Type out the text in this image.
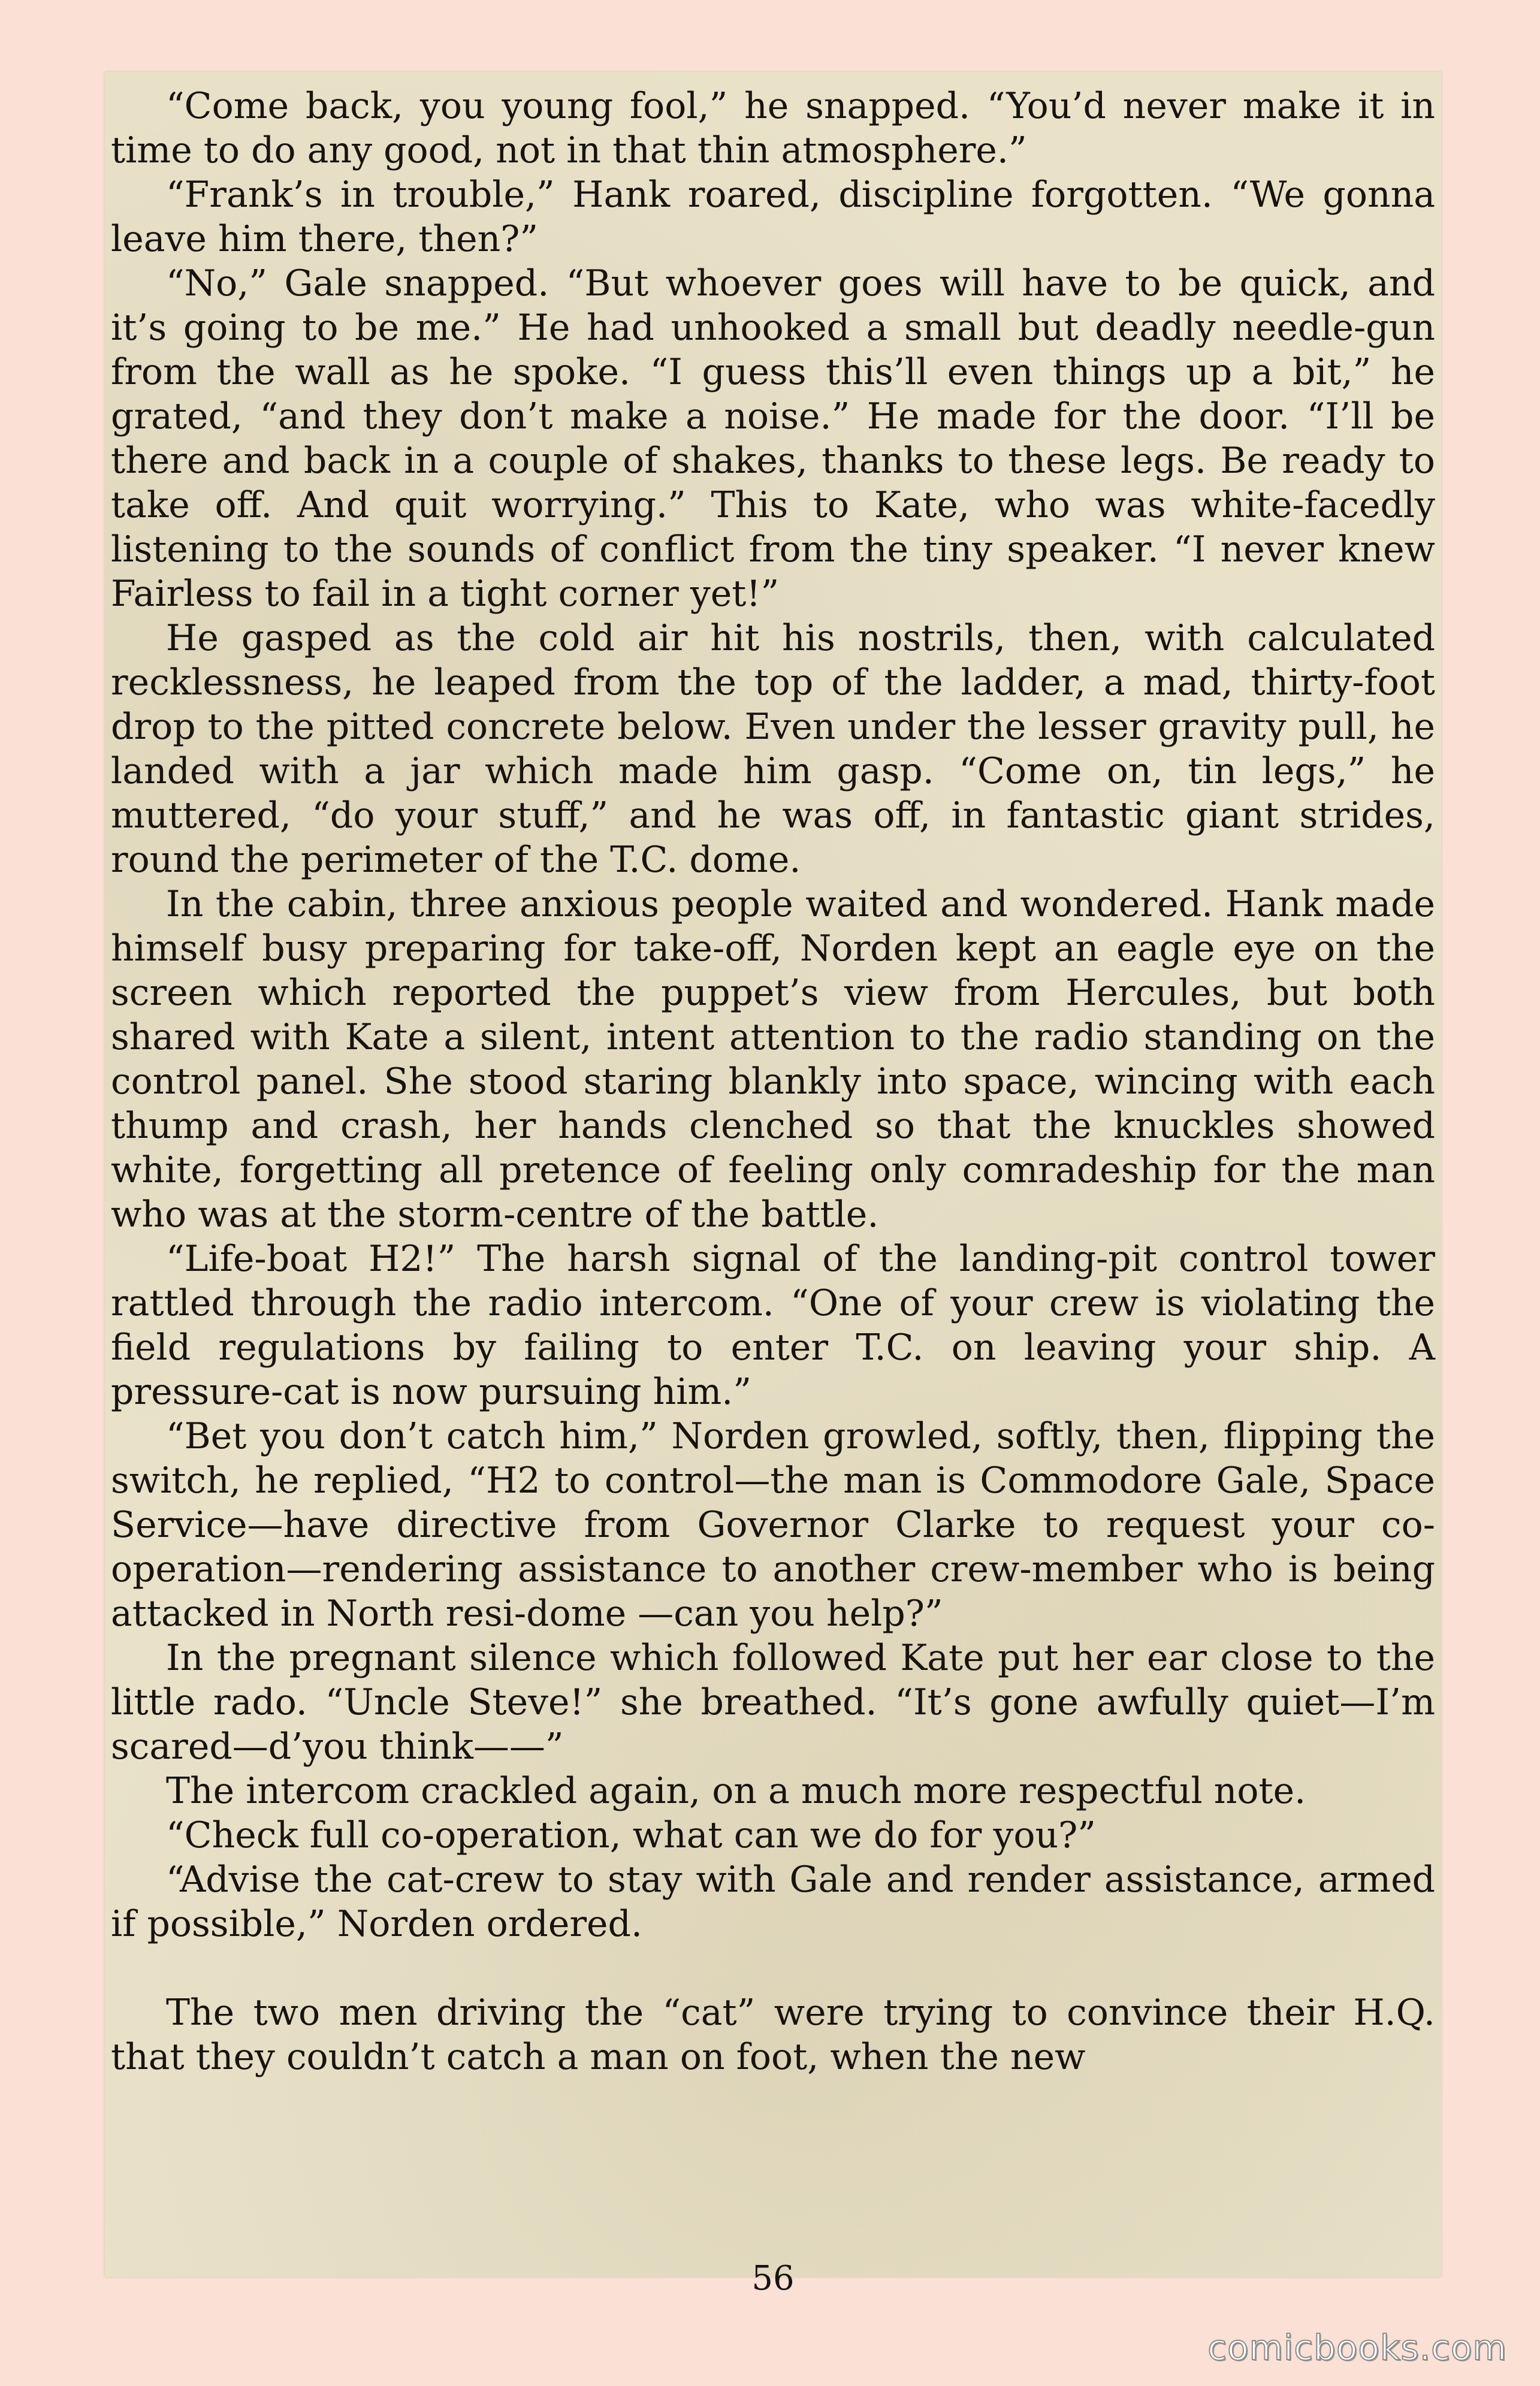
“Come back, you young fool,” he snapped. “You’d never make it in time to do any good, not in that thin atmosphere.”

“Frank’s in trouble,” Hank roared, discipline forgotten. “We gonna leave him there, then?”

“No,” Gale snapped. “But whoever goes will have to be quick, and it’s going to be me.” He had unhooked a small but deadly needle-gun from the wall as he spoke. “I guess this’ll even things up a bit,” he grated, “and they don’t make a noise.” He made for the door. “I’ll be there and back in a couple of shakes, thanks to these legs. Be ready to take off. And quit worrying.” This to Kate, who was white-facedly listening to the sounds of conflict from the tiny speaker. “I never knew Fairless to fail in a tight corner yet!”

He gasped as the cold air hit his nostrils, then, with calculated recklessness, he leaped from the top of the ladder, a mad, thirty-foot drop to the pitted concrete below. Even under the lesser gravity pull, he landed with a jar which made him gasp. “Come on, tin legs,” he muttered, “do your stuff,” and he was off, in fantastic giant strides, round the perimeter of the T.C. dome.

In the cabin, three anxious people waited and wondered. Hank made himself busy preparing for take-off, Norden kept an eagle eye on the screen which reported the puppet’s view from Hercules, but both shared with Kate a silent, intent attention to the radio standing on the control panel. She stood staring blankly into space, wincing with each thump and crash, her hands clenched so that the knuckles showed white, forgetting all pretence of feeling only comradeship for the man who was at the storm-centre of the battle.

“Life-boat H2!” The harsh signal of the landing-pit control tower rattled through the radio intercom. “One of your crew is violating the field regulations by failing to enter T.C. on leaving your ship. A pressure-cat is now pursuing him.”

“Bet you don’t catch him,” Norden growled, softly, then, flipping the switch, he replied, “H2 to control—the man is Commodore Gale, Space Service—have directive from Governor Clarke to request your co-operation—rendering assistance to another crew-member who is being attacked in North resi-dome —can you help?”

In the pregnant silence which followed Kate put her ear close to the little rado. “Uncle Steve!” she breathed. “It’s gone awfully quiet—I’m scared—d’you think——”

The intercom crackled again, on a much more respectful note.

“Check full co-operation, what can we do for you?”

“Advise the cat-crew to stay with Gale and render assistance, armed if possible,” Norden ordered.

The two men driving the “cat” were trying to convince their H.Q. that they couldn’t catch a man on foot, when the new

56
comicbooks.com
